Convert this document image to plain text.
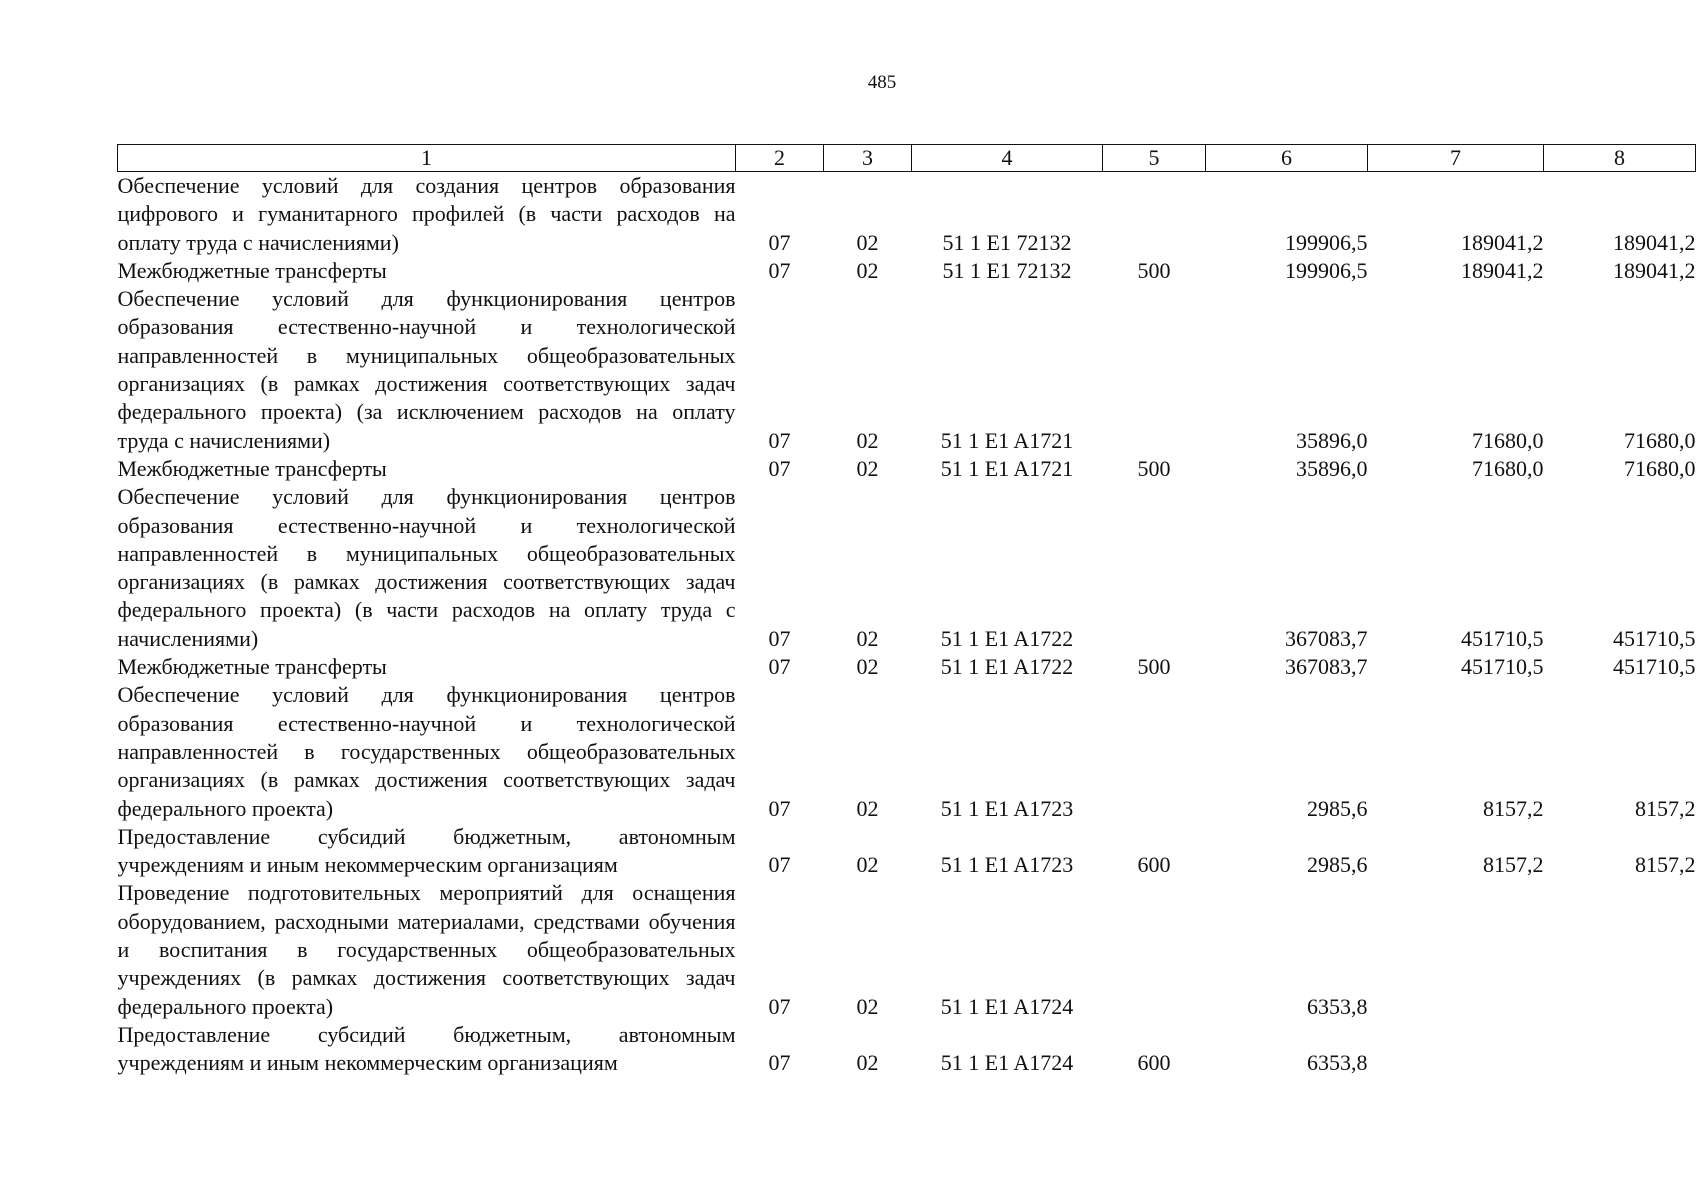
485
1	2	3	4	5	6	7	8
Обеспечение условий для создания центров образования цифрового и гуманитарного профилей (в части расходов на оплату труда с начислениями)	07	02	51 1 E1 72132		199906,5	189041,2	189041,2
Межбюджетные трансферты	07	02	51 1 E1 72132	500	199906,5	189041,2	189041,2
Обеспечение условий для функционирования центров образования естественно-научной и технологической направленностей в муниципальных общеобразовательных организациях (в рамках достижения соответствующих задач федерального проекта) (за исключением расходов на оплату труда с начислениями)	07	02	51 1 E1 A1721		35896,0	71680,0	71680,0
Межбюджетные трансферты	07	02	51 1 E1 A1721	500	35896,0	71680,0	71680,0
Обеспечение условий для функционирования центров образования естественно-научной и технологической направленностей в муниципальных общеобразовательных организациях (в рамках достижения соответствующих задач федерального проекта) (в части расходов на оплату труда с начислениями)	07	02	51 1 E1 A1722		367083,7	451710,5	451710,5
Межбюджетные трансферты	07	02	51 1 E1 A1722	500	367083,7	451710,5	451710,5
Обеспечение условий для функционирования центров образования естественно-научной и технологической направленностей в государственных общеобразовательных организациях (в рамках достижения соответствующих задач федерального проекта)	07	02	51 1 E1 A1723		2985,6	8157,2	8157,2
Предоставление субсидий бюджетным, автономным учреждениям и иным некоммерческим организациям	07	02	51 1 E1 A1723	600	2985,6	8157,2	8157,2
Проведение подготовительных мероприятий для оснащения оборудованием, расходными материалами, средствами обучения и воспитания в государственных общеобразовательных учреждениях (в рамках достижения соответствующих задач федерального проекта)	07	02	51 1 E1 A1724		6353,8		
Предоставление субсидий бюджетным, автономным учреждениям и иным некоммерческим организациям	07	02	51 1 E1 A1724	600	6353,8		
